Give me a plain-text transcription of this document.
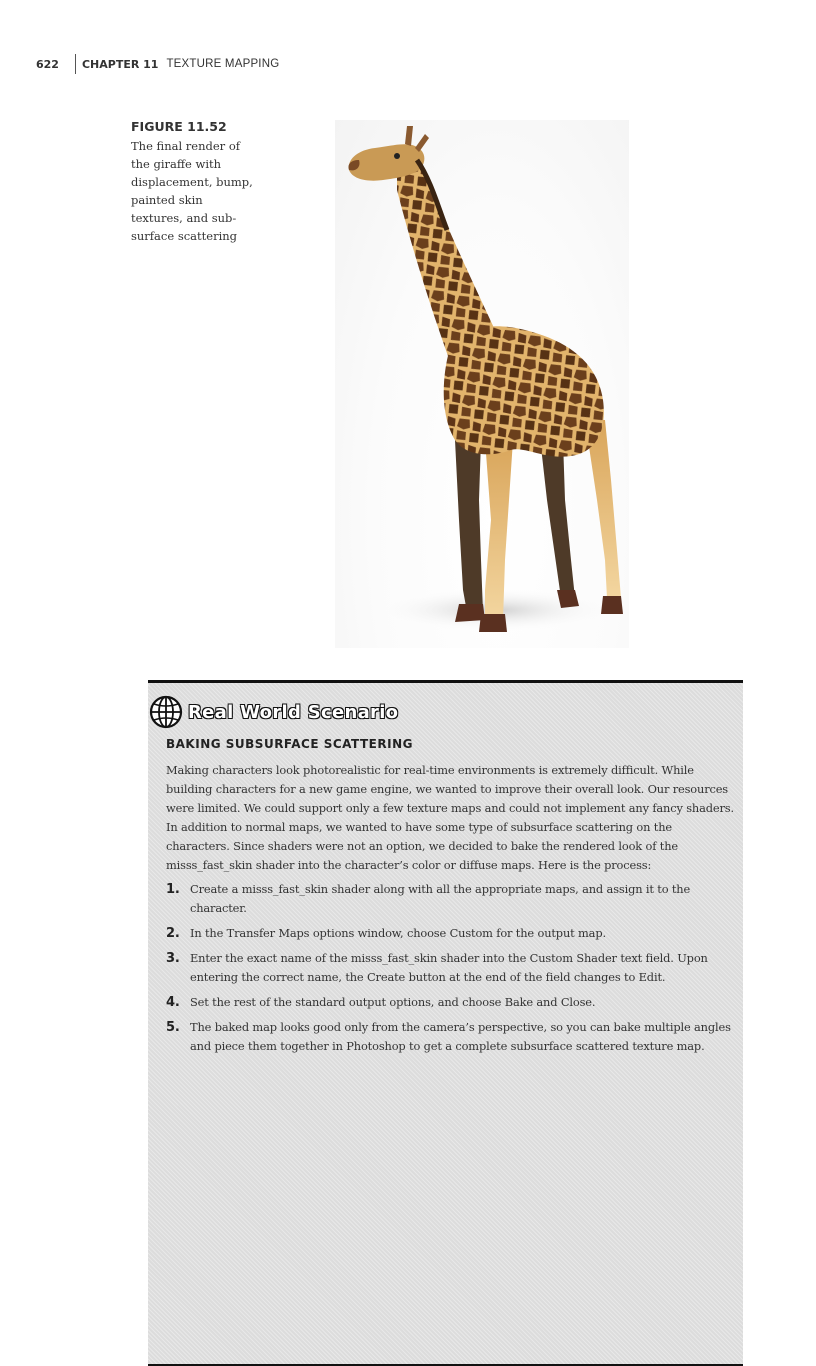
622 CHAPTER 11 TEXTURE MAPPING
FIGURE 11.52
The final render of the giraffe with displacement, bump, painted skin textures, and sub-surface scattering
Real World Scenario
BAKING SUBSURFACE SCATTERING
Making characters look photorealistic for real-time environments is extremely difficult. While building characters for a new game engine, we wanted to improve their overall look. Our resources were limited. We could support only a few texture maps and could not implement any fancy shaders. In addition to normal maps, we wanted to have some type of subsurface scattering on the characters. Since shaders were not an option, we decided to bake the rendered look of the misss_fast_skin shader into the character’s color or diffuse maps. Here is the process:
1. Create a misss_fast_skin shader along with all the appropriate maps, and assign it to the character.
2. In the Transfer Maps options window, choose Custom for the output map.
3. Enter the exact name of the misss_fast_skin shader into the Custom Shader text field. Upon entering the correct name, the Create button at the end of the field changes to Edit.
4. Set the rest of the standard output options, and choose Bake and Close.
5. The baked map looks good only from the camera’s perspective, so you can bake multiple angles and piece them together in Photoshop to get a complete subsurface scattered texture map.
